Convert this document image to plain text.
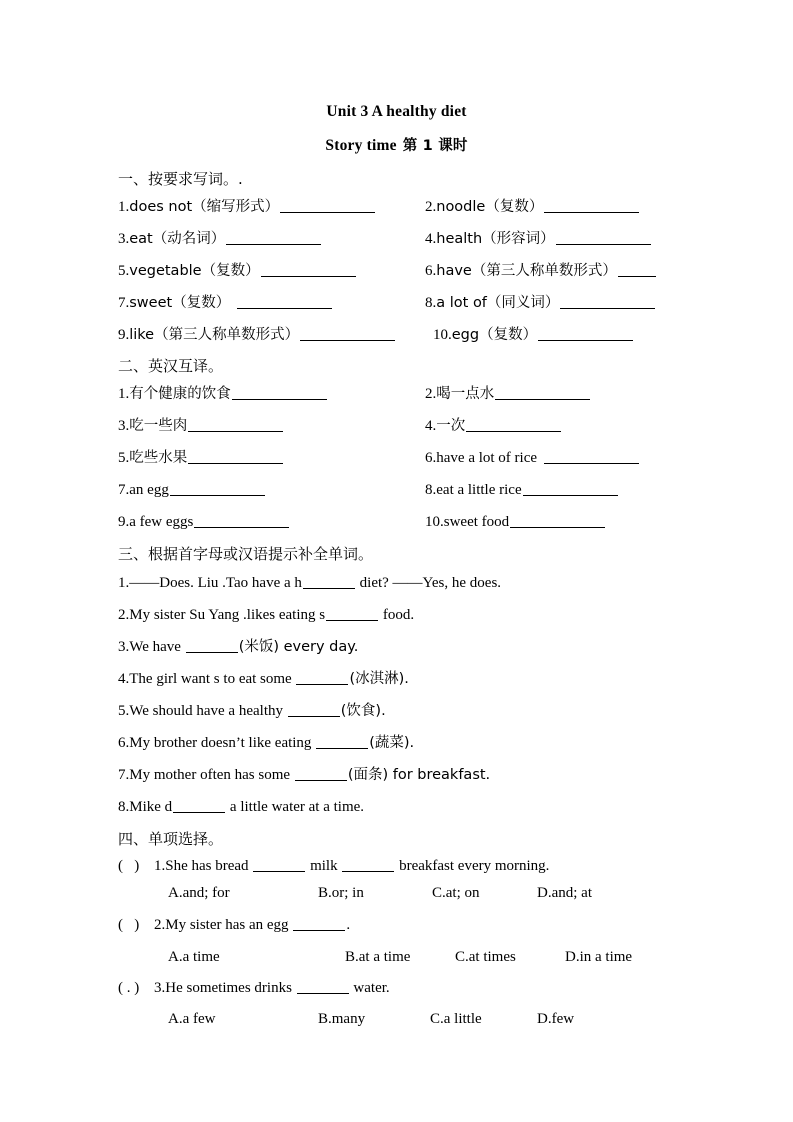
Unit 3 A healthy diet
Story time 第 1 课时
一、按要求写词。.
1.does not（缩写形式）	2.noodle（复数）
3.eat（动名词）	4.health（形容词）
5.vegetable（复数）	6.have（第三人称单数形式）
7.sweet（复数）	8.a lot of（同义词）
9.like（第三人称单数形式）	10.egg（复数）
二、英汉互译。
1.有个健康的饮食	2.喝一点水
3.吃一些肉	4.一次
5.吃些水果	6.have a lot of rice
7.an egg	8.eat a little rice
9.a few eggs	10.sweet food
三、根据首字母或汉语提示补全单词。
1.——Does. Liu .Tao have a h	diet? ——Yes, he does.
2.My sister Su Yang .likes eating s	food.
3.We have	(米饭) every day.
4.The girl want s to eat some	(冰淇淋).
5.We should have a healthy	(饮食).
6.My brother doesn’t like eating	(蔬菜).
7.My mother often has some	(面条) for breakfast.
8.Mike d	a little water at a time.
四、单项选择。
(   ) 1.She has bread	milk	breakfast every morning.
A.and; for	B.or; in	C.at; on	D.and; at
(   ) 2.My sister has an egg	.
A.a time	B.at a time	C.at times	D.in a time
( . ) 3.He sometimes drinks	water.
A.a few	B.many	C.a little	D.few
